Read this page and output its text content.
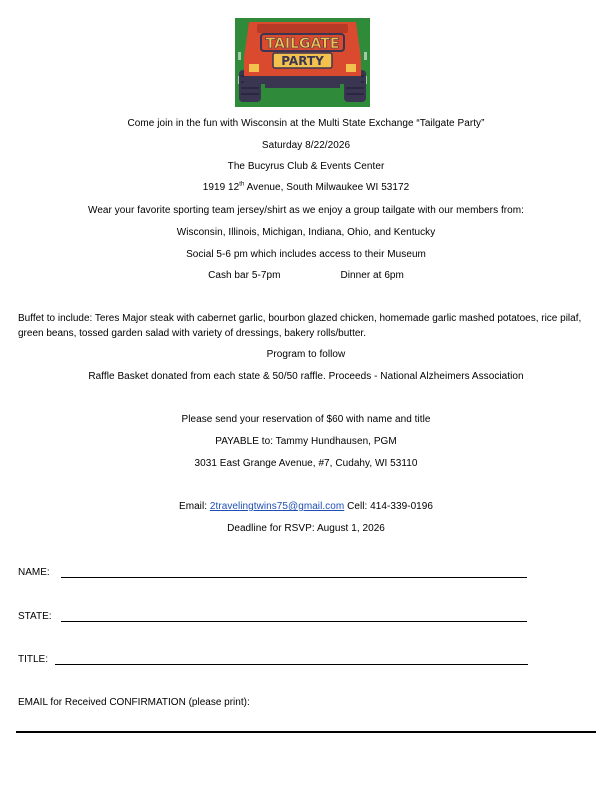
TAILGATE
PARTY
Come join in the fun with Wisconsin at the Multi State Exchange “Tailgate Party”
Saturday 8/22/2026
The Bucyrus Club & Events Center
1919 12th Avenue, South Milwaukee WI 53172
Wear your favorite sporting team jersey/shirt as we enjoy a group tailgate with our members from:
Wisconsin, Illinois, Michigan, Indiana, Ohio, and Kentucky
Social 5-6 pm which includes access to their Museum
Cash bar 5-7pm	Dinner at 6pm
Buffet to include: Teres Major steak with cabernet garlic, bourbon glazed chicken, homemade garlic mashed potatoes, rice pilaf, green beans, tossed garden salad with variety of dressings, bakery rolls/butter.
Program to follow
Raffle Basket donated from each state & 50/50 raffle. Proceeds - National Alzheimers Association
Please send your reservation of $60 with name and title
PAYABLE to: Tammy Hundhausen, PGM
3031 East Grange Avenue, #7, Cudahy, WI 53110
Email: 2travelingtwins75@gmail.com Cell: 414-339-0196
Deadline for RSVP: August 1, 2026
NAME:
STATE:
TITLE:
EMAIL for Received CONFIRMATION (please print):
